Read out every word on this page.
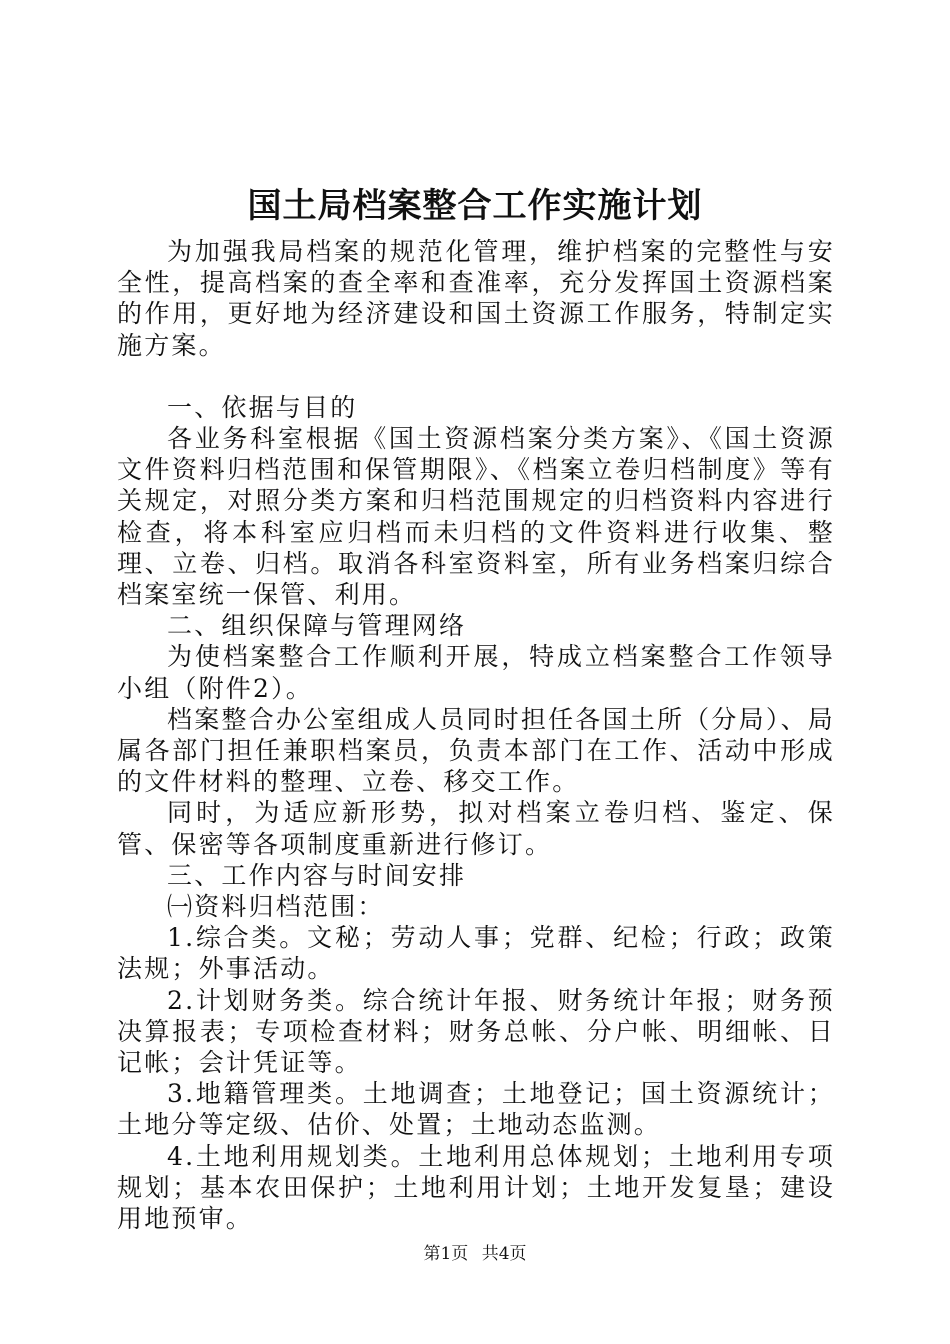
国土局档案整合工作实施计划

为加强我局档案的规范化管理，维护档案的完整性与安全性，提高档案的查全率和查准率，充分发挥国土资源档案的作用，更好地为经济建设和国土资源工作服务，特制定实施方案。

一、依据与目的

各业务科室根据《国土资源档案分类方案》、《国土资源文件资料归档范围和保管期限》、《档案立卷归档制度》等有关规定，对照分类方案和归档范围规定的归档资料内容进行检查，将本科室应归档而未归档的文件资料进行收集、整理、立卷、归档。取消各科室资料室，所有业务档案归综合档案室统一保管、利用。

二、组织保障与管理网络

为使档案整合工作顺利开展，特成立档案整合工作领导小组（附件2）。

档案整合办公室组成人员同时担任各国土所（分局）、局属各部门担任兼职档案员，负责本部门在工作、活动中形成的文件材料的整理、立卷、移交工作。

同时，为适应新形势，拟对档案立卷归档、鉴定、保管、保密等各项制度重新进行修订。

三、工作内容与时间安排

㈠资料归档范围：

1.综合类。文秘；劳动人事；党群、纪检；行政；政策法规；外事活动。

2.计划财务类。综合统计年报、财务统计年报；财务预决算报表；专项检查材料；财务总帐、分户帐、明细帐、日记帐；会计凭证等。

3.地籍管理类。土地调查；土地登记；国土资源统计；土地分等定级、估价、处置；土地动态监测。

4.土地利用规划类。土地利用总体规划；土地利用专项规划；基本农田保护；土地利用计划；土地开发复垦；建设用地预审。

第1页 共4页
